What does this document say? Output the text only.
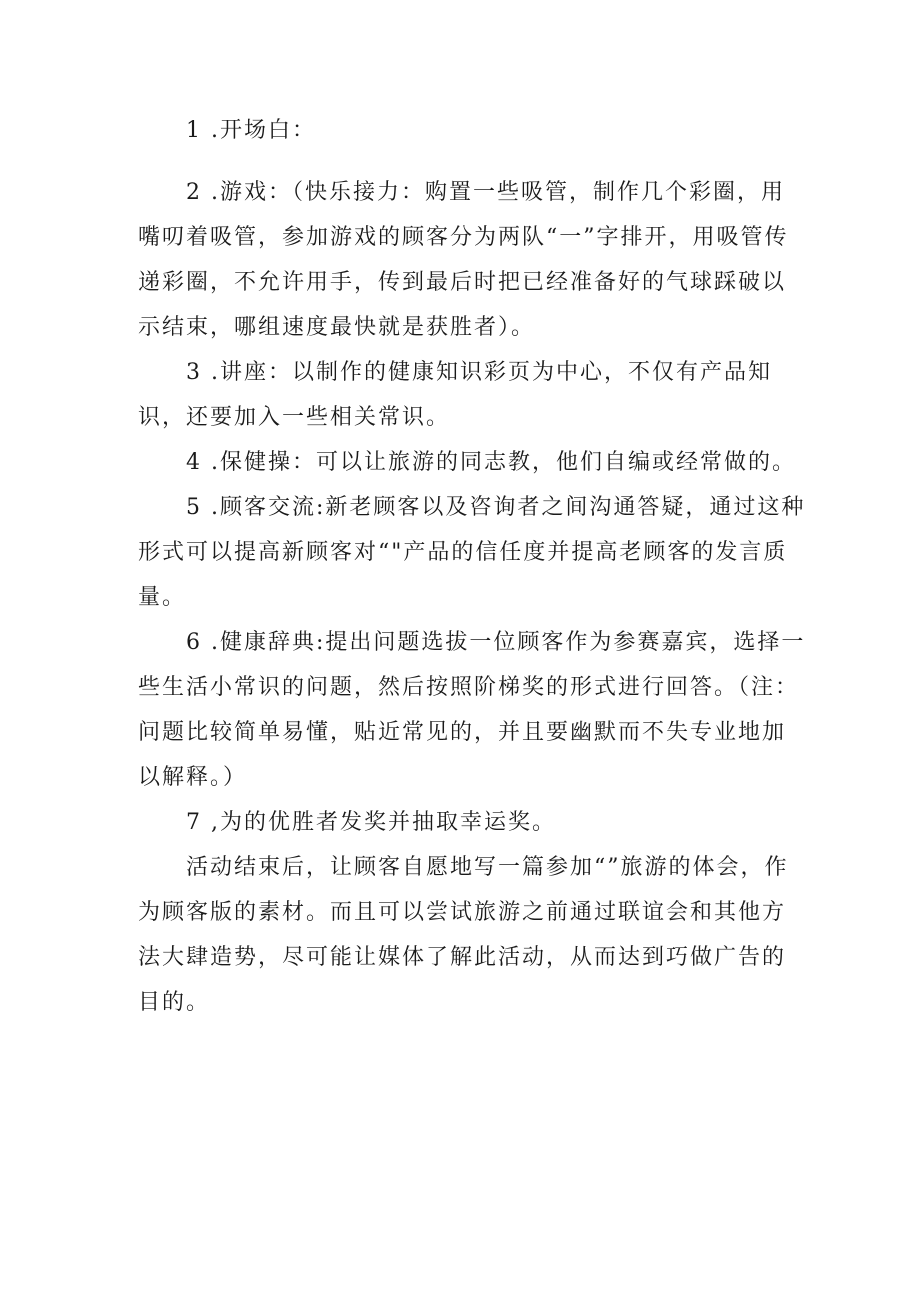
1 .开场白：

2 .游戏：（快乐接力：购置一些吸管，制作几个彩圈，用嘴叨着吸管，参加游戏的顾客分为两队“一”字排开，用吸管传递彩圈，不允许用手，传到最后时把已经准备好的气球踩破以示结束，哪组速度最快就是获胜者）。

3 .讲座：以制作的健康知识彩页为中心，不仅有产品知识，还要加入一些相关常识。

4 .保健操：可以让旅游的同志教，他们自编或经常做的。

5 .顾客交流:新老顾客以及咨询者之间沟通答疑，通过这种形式可以提高新顾客对“"产品的信任度并提高老顾客的发言质量。

6 .健康辞典:提出问题选拔一位顾客作为参赛嘉宾，选择一些生活小常识的问题，然后按照阶梯奖的形式进行回答。（注：问题比较简单易懂，贴近常见的，并且要幽默而不失专业地加以解释。）

7 ,为的优胜者发奖并抽取幸运奖。

活动结束后，让顾客自愿地写一篇参加“”旅游的体会，作为顾客版的素材。而且可以尝试旅游之前通过联谊会和其他方法大肆造势，尽可能让媒体了解此活动，从而达到巧做广告的目的。
